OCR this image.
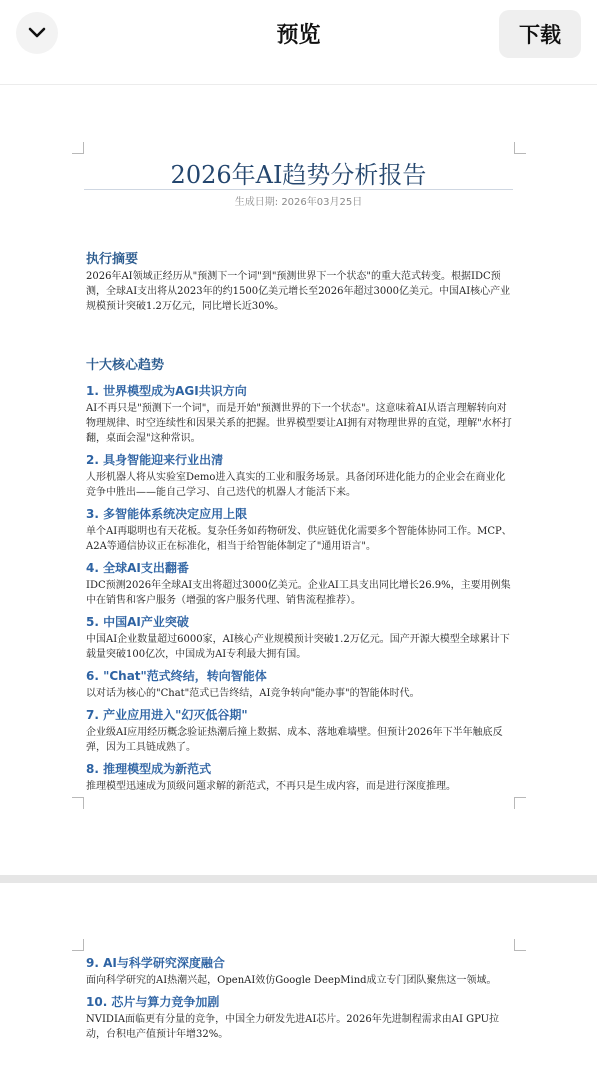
预览	下载
2026年AI趋势分析报告
生成日期: 2026年03月25日
执行摘要
2026年AI领域正经历从"预测下一个词"到"预测世界下一个状态"的重大范式转变。根据IDC预测，全球AI支出将从2023年的约1500亿美元增长至2026年超过3000亿美元。中国AI核心产业规模预计突破1.2万亿元，同比增长近30%。
十大核心趋势
1. 世界模型成为AGI共识方向
AI不再只是"预测下一个词"，而是开始"预测世界的下一个状态"。这意味着AI从语言理解转向对物理规律、时空连续性和因果关系的把握。世界模型要让AI拥有对物理世界的直觉，理解"水杯打翻，桌面会湿"这种常识。
2. 具身智能迎来行业出清
人形机器人将从实验室Demo进入真实的工业和服务场景。具备闭环进化能力的企业会在商业化竞争中胜出——能自己学习、自己迭代的机器人才能活下来。
3. 多智能体系统决定应用上限
单个AI再聪明也有天花板。复杂任务如药物研发、供应链优化需要多个智能体协同工作。MCP、A2A等通信协议正在标准化，相当于给智能体制定了"通用语言"。
4. 全球AI支出翻番
IDC预测2026年全球AI支出将超过3000亿美元。企业AI工具支出同比增长26.9%，主要用例集中在销售和客户服务（增强的客户服务代理、销售流程推荐）。
5. 中国AI产业突破
中国AI企业数量超过6000家，AI核心产业规模预计突破1.2万亿元。国产开源大模型全球累计下载量突破100亿次，中国成为AI专利最大拥有国。
6. "Chat"范式终结，转向智能体
以对话为核心的"Chat"范式已告终结，AI竞争转向"能办事"的智能体时代。
7. 产业应用进入"幻灭低谷期"
企业级AI应用经历概念验证热潮后撞上数据、成本、落地难墙壁。但预计2026年下半年触底反弹，因为工具链成熟了。
8. 推理模型成为新范式
推理模型迅速成为顶级问题求解的新范式，不再只是生成内容，而是进行深度推理。
9. AI与科学研究深度融合
面向科学研究的AI热潮兴起，OpenAI效仿Google DeepMind成立专门团队聚焦这一领域。
10. 芯片与算力竞争加剧
NVIDIA面临更有分量的竞争，中国全力研发先进AI芯片。2026年先进制程需求由AI GPU拉动，台积电产值预计年增32%。
